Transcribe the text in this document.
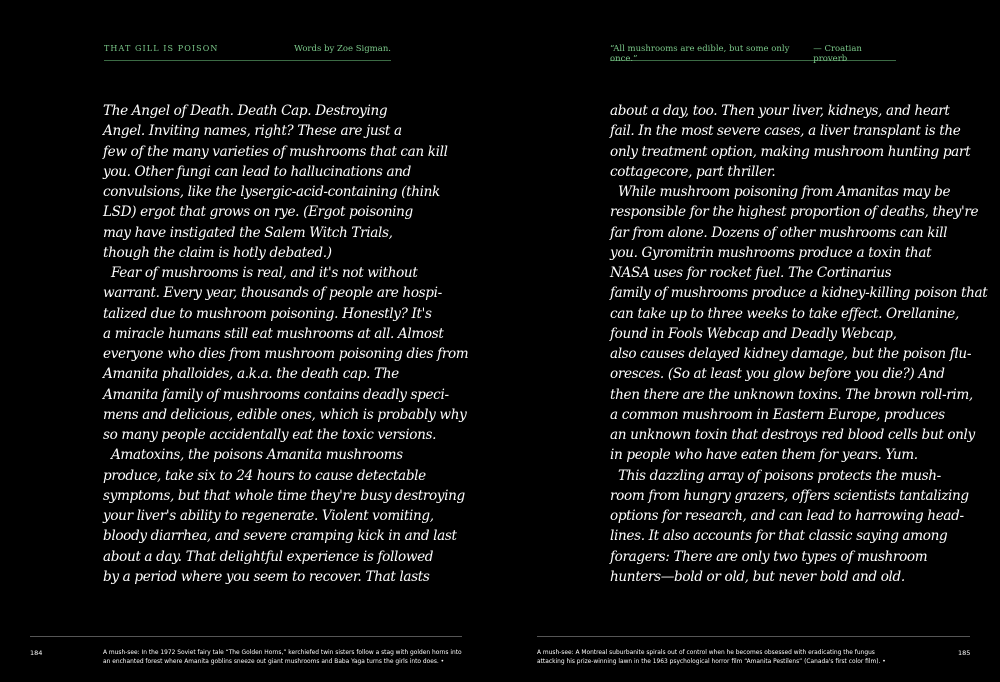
THAT GILL IS POISON	Words by Zoe Sigman.
The Angel of Death. Death Cap. Destroying
Angel. Inviting names, right? These are just a
few of the many varieties of mushrooms that can kill
you. Other fungi can lead to hallucinations and
convulsions, like the lysergic-acid-containing (think
LSD) ergot that grows on rye. (Ergot poisoning
may have instigated the Salem Witch Trials,
though the claim is hotly debated.)
Fear of mushrooms is real, and it's not without
warrant. Every year, thousands of people are hospi-
talized due to mushroom poisoning. Honestly? It's
a miracle humans still eat mushrooms at all. Almost
everyone who dies from mushroom poisoning dies from
Amanita phalloides, a.k.a. the death cap. The
Amanita family of mushrooms contains deadly speci-
mens and delicious, edible ones, which is probably why
so many people accidentally eat the toxic versions.
Amatoxins, the poisons Amanita mushrooms
produce, take six to 24 hours to cause detectable
symptoms, but that whole time they're busy destroying
your liver's ability to regenerate. Violent vomiting,
bloody diarrhea, and severe cramping kick in and last
about a day. That delightful experience is followed
by a period where you seem to recover. That lasts
184	A mush-see: In the 1972 Soviet fairy tale “The Golden Horns,” kerchiefed twin sisters follow a stag with golden horns into
an enchanted forest where Amanita goblins sneeze out giant mushrooms and Baba Yaga turns the girls into does. •
“All mushrooms are edible, but some only once.”
— Croatian proverb
about a day, too. Then your liver, kidneys, and heart
fail. In the most severe cases, a liver transplant is the
only treatment option, making mushroom hunting part
cottagecore, part thriller.
While mushroom poisoning from Amanitas may be
responsible for the highest proportion of deaths, they're
far from alone. Dozens of other mushrooms can kill
you. Gyromitrin mushrooms produce a toxin that
NASA uses for rocket fuel. The Cortinarius
family of mushrooms produce a kidney-killing poison that
can take up to three weeks to take effect. Orellanine,
found in Fools Webcap and Deadly Webcap,
also causes delayed kidney damage, but the poison flu-
oresces. (So at least you glow before you die?) And
then there are the unknown toxins. The brown roll-rim,
a common mushroom in Eastern Europe, produces
an unknown toxin that destroys red blood cells but only
in people who have eaten them for years. Yum.
This dazzling array of poisons protects the mush-
room from hungry grazers, offers scientists tantalizing
options for research, and can lead to harrowing head-
lines. It also accounts for that classic saying among
foragers: There are only two types of mushroom
hunters—bold or old, but never bold and old.
185
A mush-see: A Montreal suburbanite spirals out of control when he becomes obsessed with eradicating the fungus
attacking his prize-winning lawn in the 1963 psychological horror film “Amanita Pestilens” (Canada's first color film). •
